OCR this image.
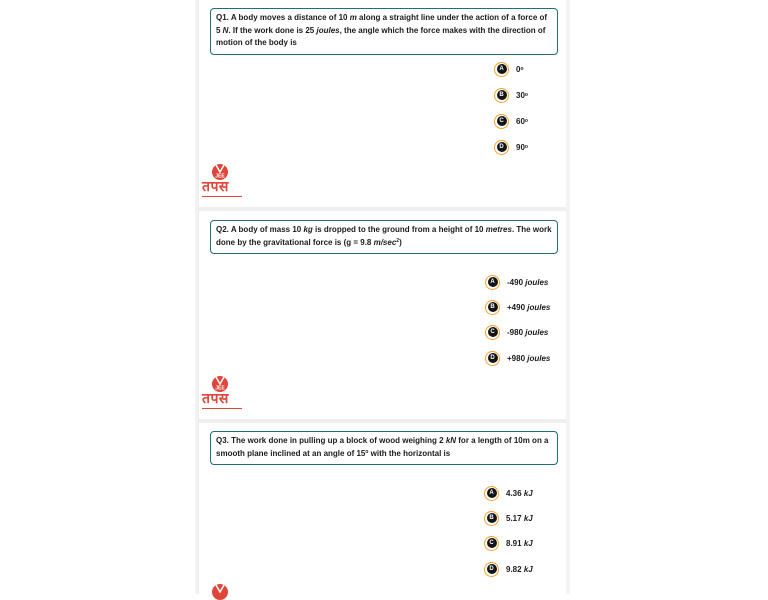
Q1. A body moves a distance of 10 m along a straight line under the action of a force of 5 N. If the work done is 25 joules, the angle which the force makes with the direction of motion of the body is
A	0 o
B	30 o
C	60 o
D	90 o
JEE
तपस
Q2. A body of mass 10 kg is dropped to the ground from a height of 10 metres. The work done by the gravitational force is (g = 9.8 $m/\sec^2$)
A	-490
joules
B	+490
joules
C	-980
joules
D	+980
joules
JEE
तपस
Q3. The work done in pulling up a block of wood weighing 2 kN for a length of 10m on a smooth plane inclined at an angle of 15$^o$ with the horizontal is
A	4.36
kJ
B	5.17
kJ
C	8.91
kJ
D	9.82
kJ
